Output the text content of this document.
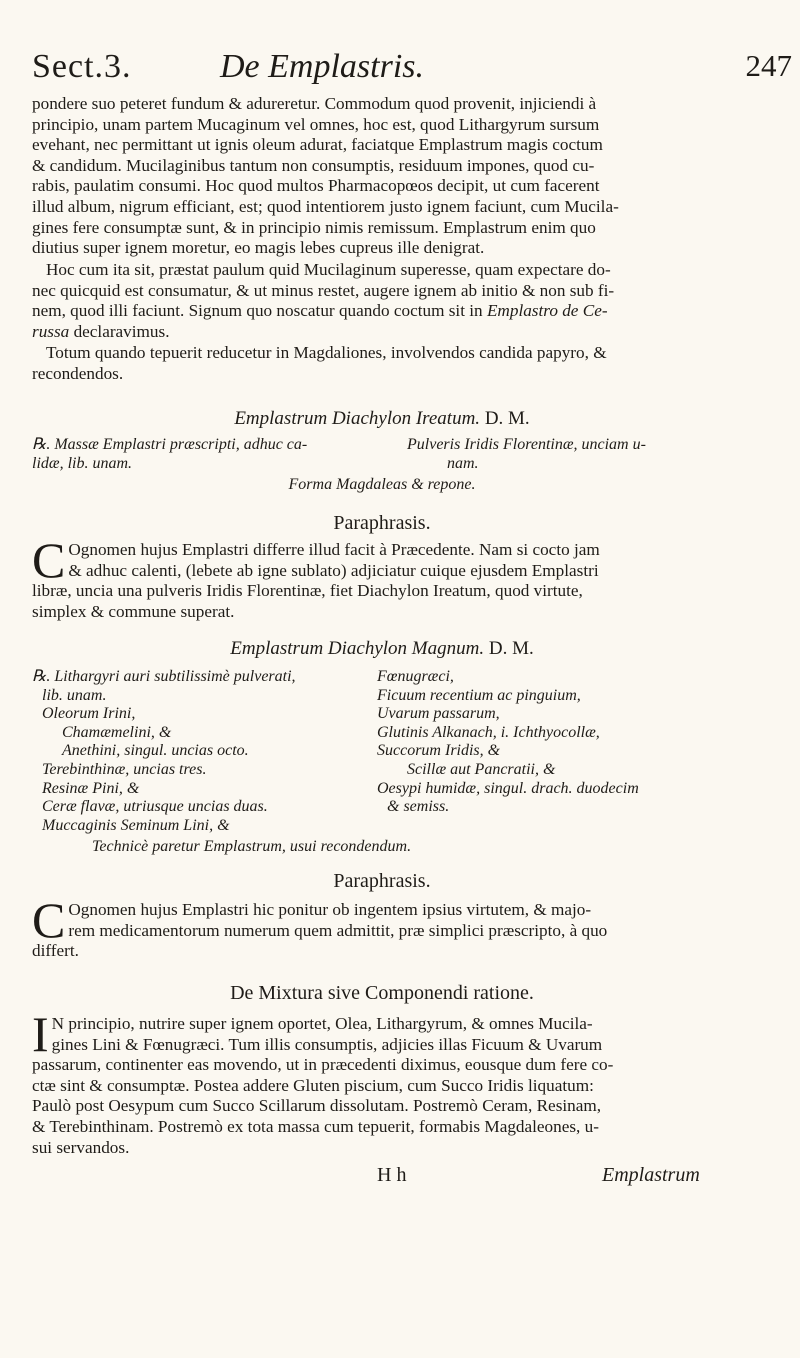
Sect.3.	De Emplastris.	247

pondere suo peteret fundum & adureretur. Commodum quod provenit, injiciendi à
principio, unam partem Mucaginum vel omnes, hoc est, quod Lithargyrum sursum
evehant, nec permittant ut ignis oleum adurat, faciatque Emplastrum magis coctum
& candidum. Mucilaginibus tantum non consumptis, residuum impones, quod cu-
rabis, paulatim consumi. Hoc quod multos Pharmacopœos decipit, ut cum facerent
illud album, nigrum efficiant, est; quod intentiorem justo ignem faciunt, cum Mucila-
gines fere consumptæ sunt, & in principio nimis remissum. Emplastrum enim quo
diutius super ignem moretur, eo magis lebes cupreus ille denigrat.

Hoc cum ita sit, præstat paulum quid Mucilaginum superesse, quam expectare do-
nec quicquid est consumatur, & ut minus restet, augere ignem ab initio & non sub fi-
nem, quod illi faciunt. Signum quo noscatur quando coctum sit in Emplastro de Ce-
russa declaravimus.

Totum quando tepuerit reducetur in Magdaliones, involvendos candida papyro, &
recondendos.

Emplastrum Diachylon Ireatum. D. M.
℞. Massæ Emplastri præscripti, adhuc ca-
lidæ, lib. unam.
Pulveris Iridis Florentinæ, unciam u-
nam.
Forma Magdaleas & repone.
Paraphrasis.
C Ognomen hujus Emplastri differre illud facit à Præcedente. Nam si cocto jam
& adhuc calenti, (lebete ab igne sublato) adjiciatur cuique ejusdem Emplastri
libræ, uncia una pulveris Iridis Florentinæ, fiet Diachylon Ireatum, quod virtute,
simplex & commune superat.
Emplastrum Diachylon Magnum. D. M.
℞. Lithargyri auri subtilissimè pulverati,
lib. unam.
Oleorum Irini,
Chamæmelini, &
Anethini, singul. uncias octo.
Terebinthinæ, uncias tres.
Resinæ Pini, &
Ceræ flavæ, utriusque uncias duas.
Muccaginis Seminum Lini, &
Fœnugræci,
Ficuum recentium ac pinguium,
Uvarum passarum,
Glutinis Alkanach, i. Ichthyocollæ,
Succorum Iridis, &
Scillæ aut Pancratii, &
Oesypi humidæ, singul. drach. duodecim
& semiss.
Technicè paretur Emplastrum, usui recondendum.
Paraphrasis.
C Ognomen hujus Emplastri hic ponitur ob ingentem ipsius virtutem, & majo-
rem medicamentorum numerum quem admittit, præ simplici præscripto, à quo
differt.
De Mixtura sive Componendi ratione.
I N principio, nutrire super ignem oportet, Olea, Lithargyrum, & omnes Mucila-
gines Lini & Fœnugræci. Tum illis consumptis, adjicies illas Ficuum & Uvarum
passarum, continenter eas movendo, ut in præcedenti diximus, eousque dum fere co-
ctæ sint & consumptæ. Postea addere Gluten piscium, cum Succo Iridis liquatum:
Paulò post Oesypum cum Succo Scillarum dissolutam. Postremò Ceram, Resinam,
& Terebinthinam. Postremò ex tota massa cum tepuerit, formabis Magdaleones, u-
sui servandos.
H h	Emplastrum
